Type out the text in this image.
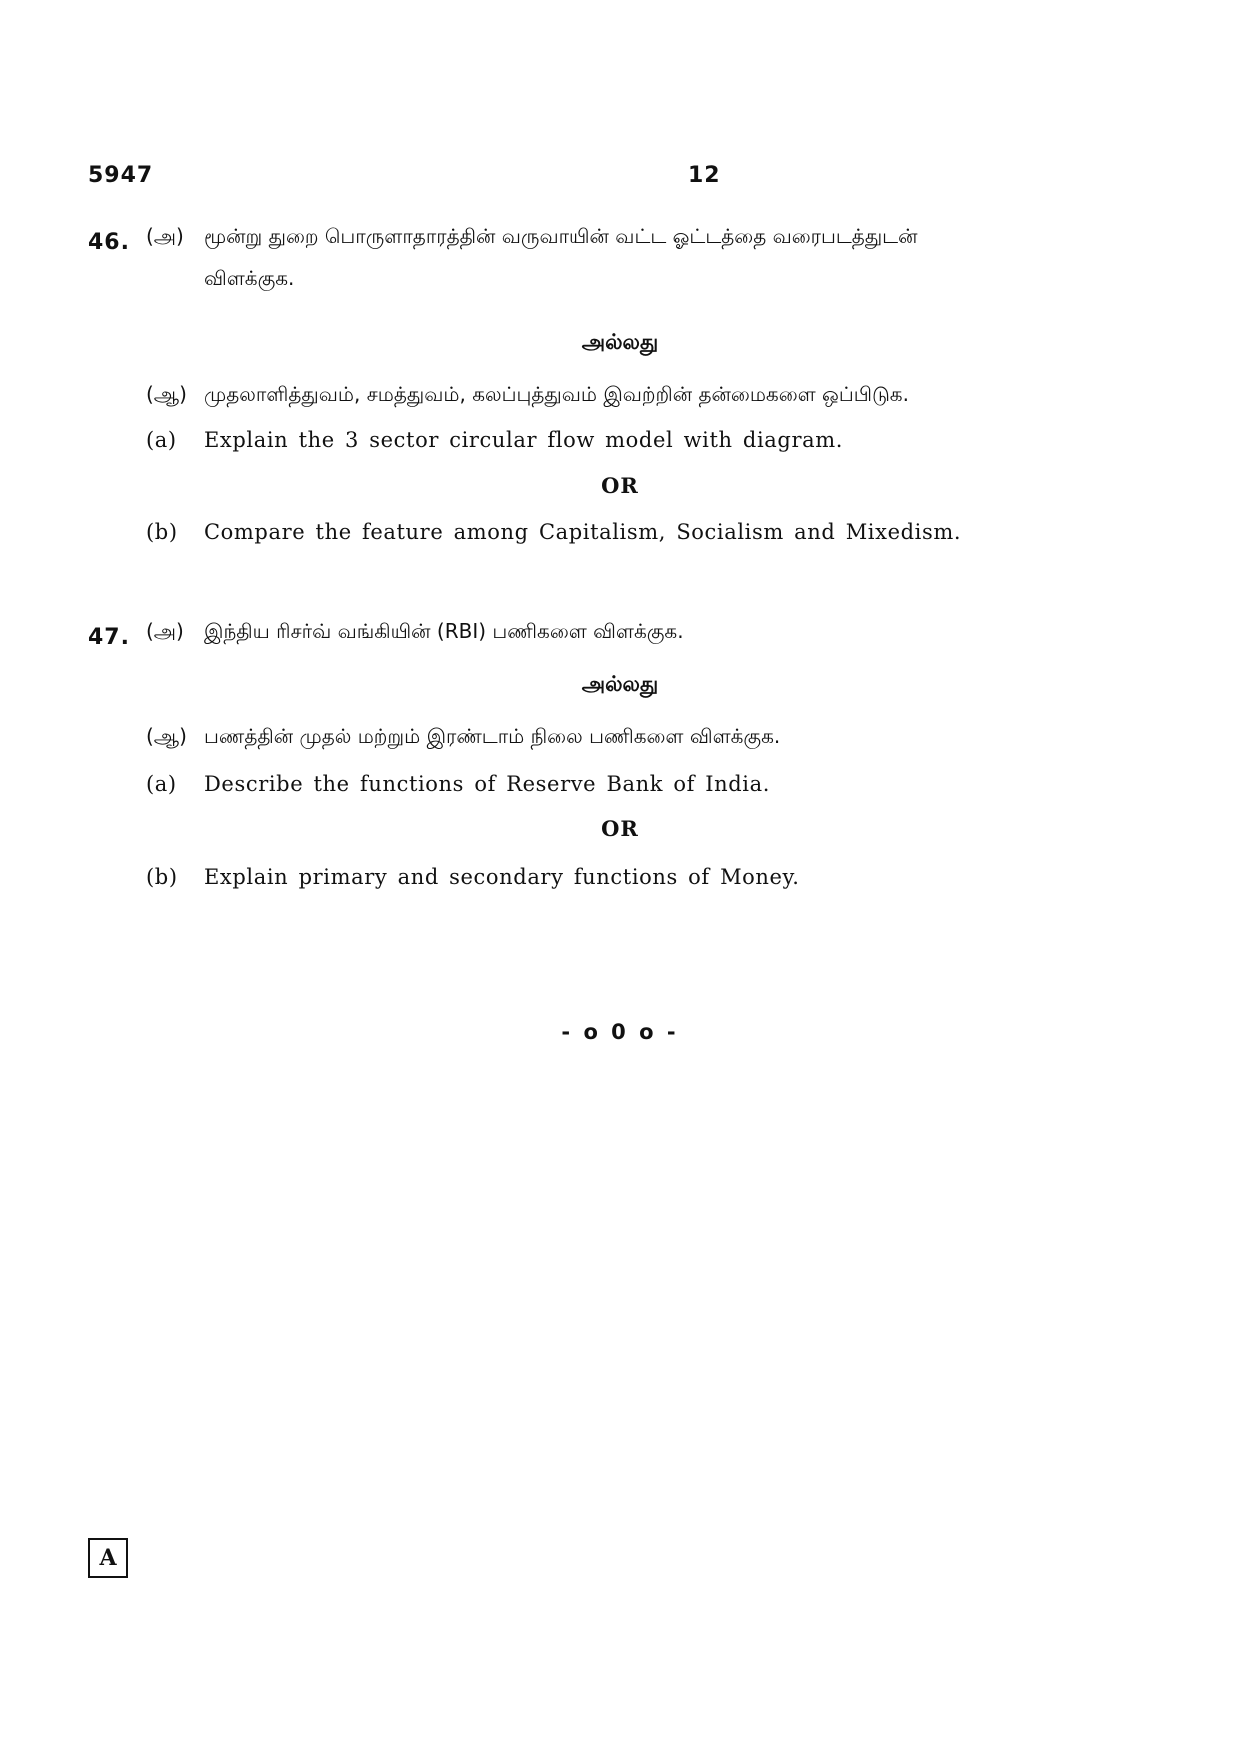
5947	12
46. (அ) மூன்று துறை பொருளாதாரத்தின் வருவாயின் வட்ட ஓட்டத்தை வரைபடத்துடன்
விளக்குக.
அல்லது
(ஆ) முதலாளித்துவம், சமத்துவம், கலப்புத்துவம் இவற்றின் தன்மைகளை ஒப்பிடுக.
(a) Explain the 3 sector circular flow model with diagram.
OR
(b) Compare the feature among Capitalism, Socialism and Mixedism.
47. (அ) இந்திய ரிசர்வ் வங்கியின் (RBI) பணிகளை விளக்குக.
அல்லது
(ஆ) பணத்தின் முதல் மற்றும் இரண்டாம் நிலை பணிகளை விளக்குக.
(a) Describe the functions of Reserve Bank of India.
OR
(b) Explain primary and secondary functions of Money.
- o 0 o -
A
